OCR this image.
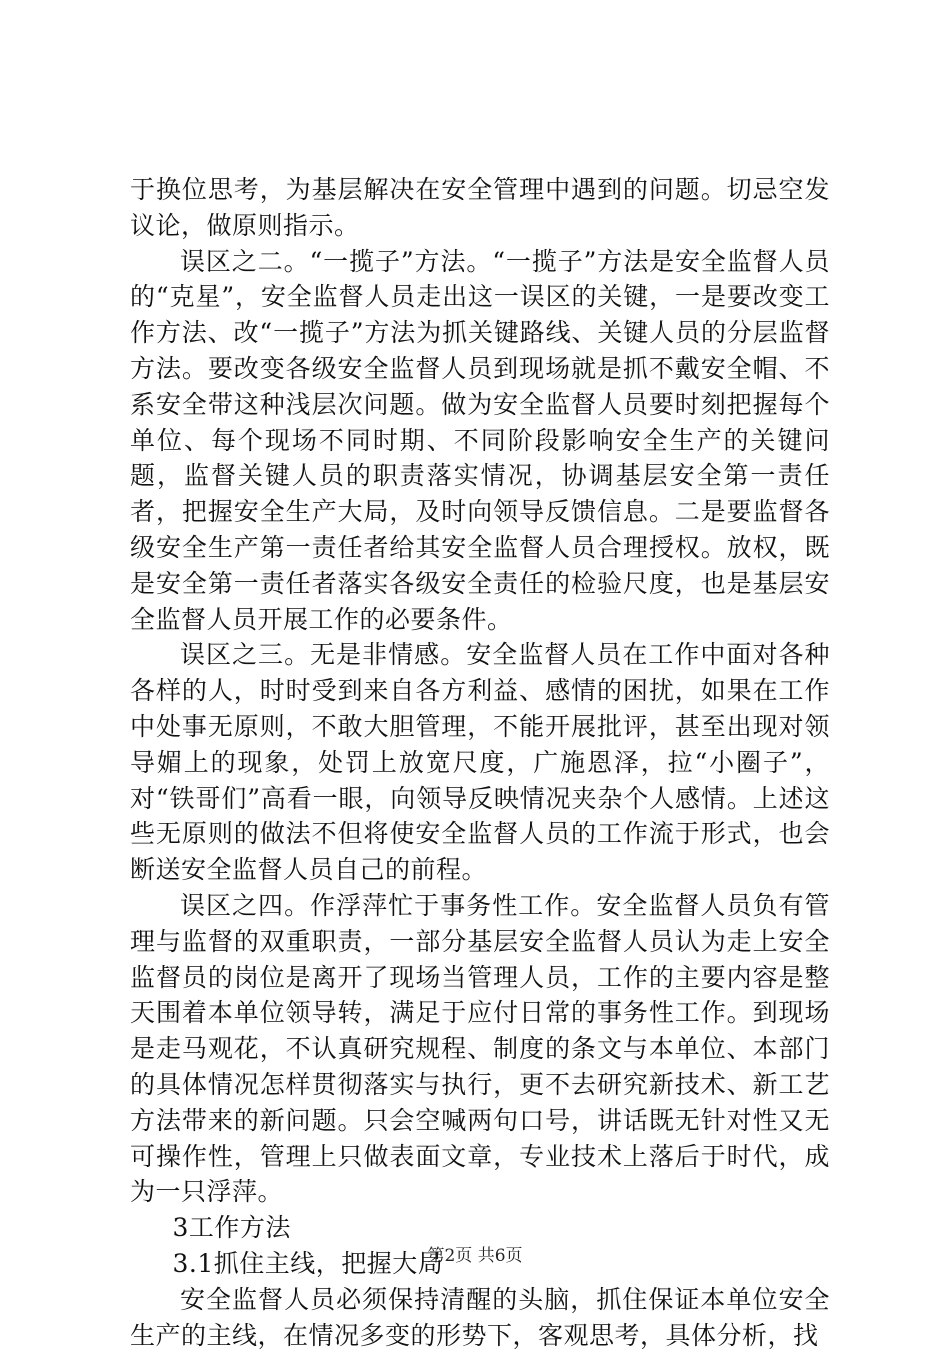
于换位思考，为基层解决在安全管理中遇到的问题。切忌空发议论，做原则指示。

误区之二。“一揽子”方法。“一揽子”方法是安全监督人员的“克星”，安全监督人员走出这一误区的关键，一是要改变工作方法、改“一揽子”方法为抓关键路线、关键人员的分层监督方法。要改变各级安全监督人员到现场就是抓不戴安全帽、不系安全带这种浅层次问题。做为安全监督人员要时刻把握每个单位、每个现场不同时期、不同阶段影响安全生产的关键问题，监督关键人员的职责落实情况，协调基层安全第一责任者，把握安全生产大局，及时向领导反馈信息。二是要监督各级安全生产第一责任者给其安全监督人员合理授权。放权，既是安全第一责任者落实各级安全责任的检验尺度，也是基层安全监督人员开展工作的必要条件。

误区之三。无是非情感。安全监督人员在工作中面对各种各样的人，时时受到来自各方利益、感情的困扰，如果在工作中处事无原则，不敢大胆管理，不能开展批评，甚至出现对领导媚上的现象，处罚上放宽尺度，广施恩泽，拉“小圈子”，对“铁哥们”高看一眼，向领导反映情况夹杂个人感情。上述这些无原则的做法不但将使安全监督人员的工作流于形式，也会断送安全监督人员自己的前程。

误区之四。作浮萍忙于事务性工作。安全监督人员负有管理与监督的双重职责，一部分基层安全监督人员认为走上安全监督员的岗位是离开了现场当管理人员，工作的主要内容是整天围着本单位领导转，满足于应付日常的事务性工作。到现场是走马观花，不认真研究规程、制度的条文与本单位、本部门的具体情况怎样贯彻落实与执行，更不去研究新技术、新工艺方法带来的新问题。只会空喊两句口号，讲话既无针对性又无可操作性，管理上只做表面文章，专业技术上落后于时代，成为一只浮萍。

3工作方法

3.1抓住主线，把握大局

安全监督人员必须保持清醒的头脑，抓住保证本单位安全生产的主线，在情况多变的形势下，客观思考，具体分析，找

第2页 共6页
